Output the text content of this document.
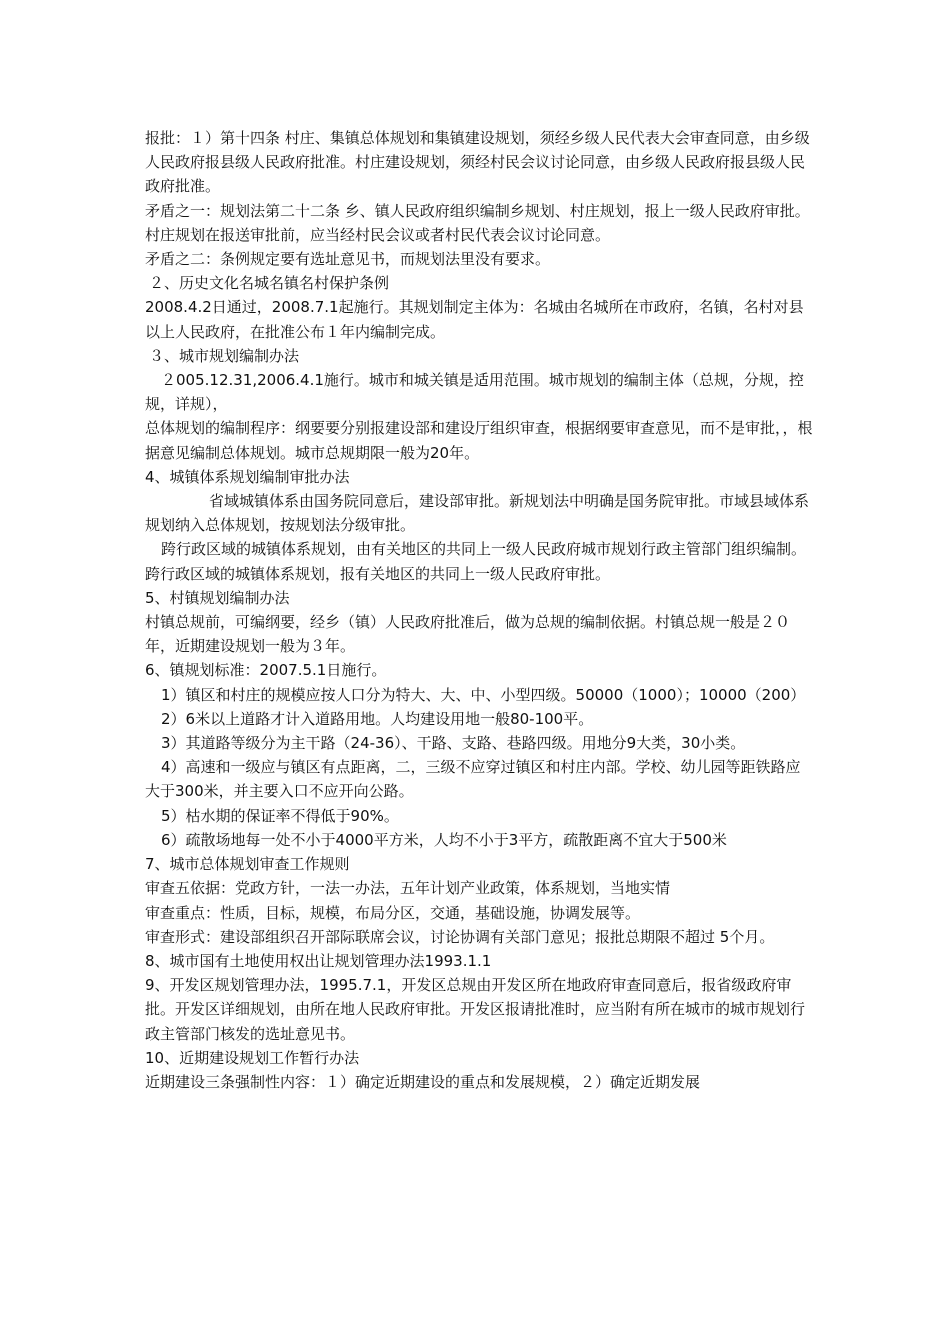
报批：１）第十四条 村庄、集镇总体规划和集镇建设规划，须经乡级人民代表大会审查同意，由乡级人民政府报县级人民政府批准。村庄建设规划，须经村民会议讨论同意，由乡级人民政府报县级人民政府批准。

矛盾之一：规划法第二十二条 乡、镇人民政府组织编制乡规划、村庄规划，报上一级人民政府审批。村庄规划在报送审批前，应当经村民会议或者村民代表会议讨论同意。

矛盾之二：条例规定要有选址意见书，而规划法里没有要求。

２、历史文化名城名镇名村保护条例

2008.4.2日通过，2008.7.1起施行。其规划制定主体为：名城由名城所在市政府，名镇，名村对县以上人民政府，在批准公布１年内编制完成。

３、城市规划编制办法

２005.12.31,2006.4.1施行。城市和城关镇是适用范围。城市规划的编制主体（总规，分规，控规，详规），

总体规划的编制程序：纲要要分别报建设部和建设厅组织审查，根据纲要审查意见，而不是审批，，根据意见编制总体规划。城市总规期限一般为20年。

4、城镇体系规划编制审批办法

省域城镇体系由国务院同意后，建设部审批。新规划法中明确是国务院审批。市域县域体系规划纳入总体规划，按规划法分级审批。

跨行政区域的城镇体系规划，由有关地区的共同上一级人民政府城市规划行政主管部门组织编制。跨行政区域的城镇体系规划，报有关地区的共同上一级人民政府审批。

5、村镇规划编制办法

村镇总规前，可编纲要，经乡（镇）人民政府批准后，做为总规的编制依据。村镇总规一般是２０年，近期建设规划一般为３年。

6、镇规划标准：2007.5.1日施行。

1）镇区和村庄的规模应按人口分为特大、大、中、小型四级。50000（1000）；10000（200）

2）6米以上道路才计入道路用地。人均建设用地一般80-100平。

3）其道路等级分为主干路（24-36）、干路、支路、巷路四级。用地分9大类，30小类。

4）高速和一级应与镇区有点距离，二，三级不应穿过镇区和村庄内部。学校、幼儿园等距铁路应大于300米，并主要入口不应开向公路。

5）枯水期的保证率不得低于90%。

6）疏散场地每一处不小于4000平方米，人均不小于3平方，疏散距离不宜大于500米

7、城市总体规划审查工作规则

审查五依据：党政方针，一法一办法，五年计划产业政策，体系规划，当地实情

审查重点：性质，目标，规模，布局分区，交通，基础设施，协调发展等。

审查形式：建设部组织召开部际联席会议，讨论协调有关部门意见；报批总期限不超过 5个月。

8、城市国有土地使用权出让规划管理办法1993.1.1

9、开发区规划管理办法，1995.7.1，开发区总规由开发区所在地政府审查同意后，报省级政府审批。开发区详细规划，由所在地人民政府审批。开发区报请批准时，应当附有所在城市的城市规划行政主管部门核发的选址意见书。

10、近期建设规划工作暂行办法

近期建设三条强制性内容：１）确定近期建设的重点和发展规模，２）确定近期发展
